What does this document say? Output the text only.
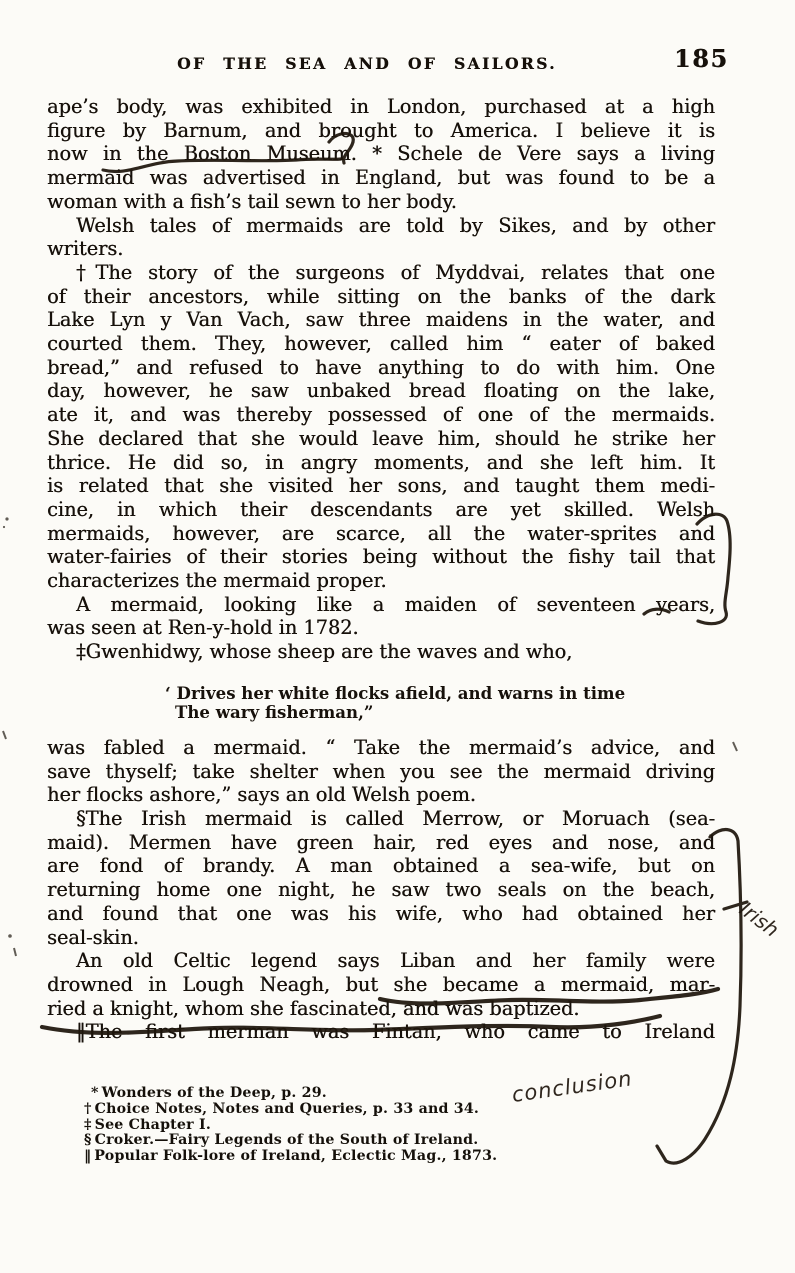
OF THE SEA AND OF SAILORS.	185
ape’s body, was exhibited in London, purchased at a high
figure by Barnum, and brought to America. I believe it is
now in the Boston Museum. * Schele de Vere says a living
mermaid was advertised in England, but was found to be a
woman with a fish’s tail sewn to her body.
Welsh tales of mermaids are told by Sikes, and by other
writers.
†The story of the surgeons of Myddvai, relates that one
of their ancestors, while sitting on the banks of the dark
Lake Lyn y Van Vach, saw three maidens in the water, and
courted them. They, however, called him “ eater of baked
bread,” and refused to have anything to do with him. One
day, however, he saw unbaked bread floating on the lake,
ate it, and was thereby possessed of one of the mermaids.
She declared that she would leave him, should he strike her
thrice. He did so, in angry moments, and she left him. It
is related that she visited her sons, and taught them medi-
cine, in which their descendants are yet skilled. Welsh
mermaids, however, are scarce, all the water-sprites and
water-fairies of their stories being without the fishy tail that
characterizes the mermaid proper.
A mermaid, looking like a maiden of seventeen years,
was seen at Ren-y-hold in 1782.
‡Gwenhidwy, whose sheep are the waves and who,
‘ Drives her white flocks afield, and warns in time
The wary fisherman,”
was fabled a mermaid. “ Take the mermaid’s advice, and
save thyself; take shelter when you see the mermaid driving
her flocks ashore,” says an old Welsh poem.
§The Irish mermaid is called Merrow, or Moruach (sea-
maid). Mermen have green hair, red eyes and nose, and
are fond of brandy. A man obtained a sea-wife, but on
returning home one night, he saw two seals on the beach,
and found that one was his wife, who had obtained her
seal-skin.
An old Celtic legend says Liban and her family were
drowned in Lough Neagh, but she became a mermaid, mar-
ried a knight, whom she fascinated, and was baptized.
‖The first merman was Fintan, who came to Ireland
* Wonders of the Deep, p. 29.
† Choice Notes, Notes and Queries, p. 33 and 34.
‡ See Chapter I.
§ Croker.—Fairy Legends of the South of Ireland.
‖ Popular Folk-lore of Ireland, Eclectic Mag., 1873.
Irish
conclusion
